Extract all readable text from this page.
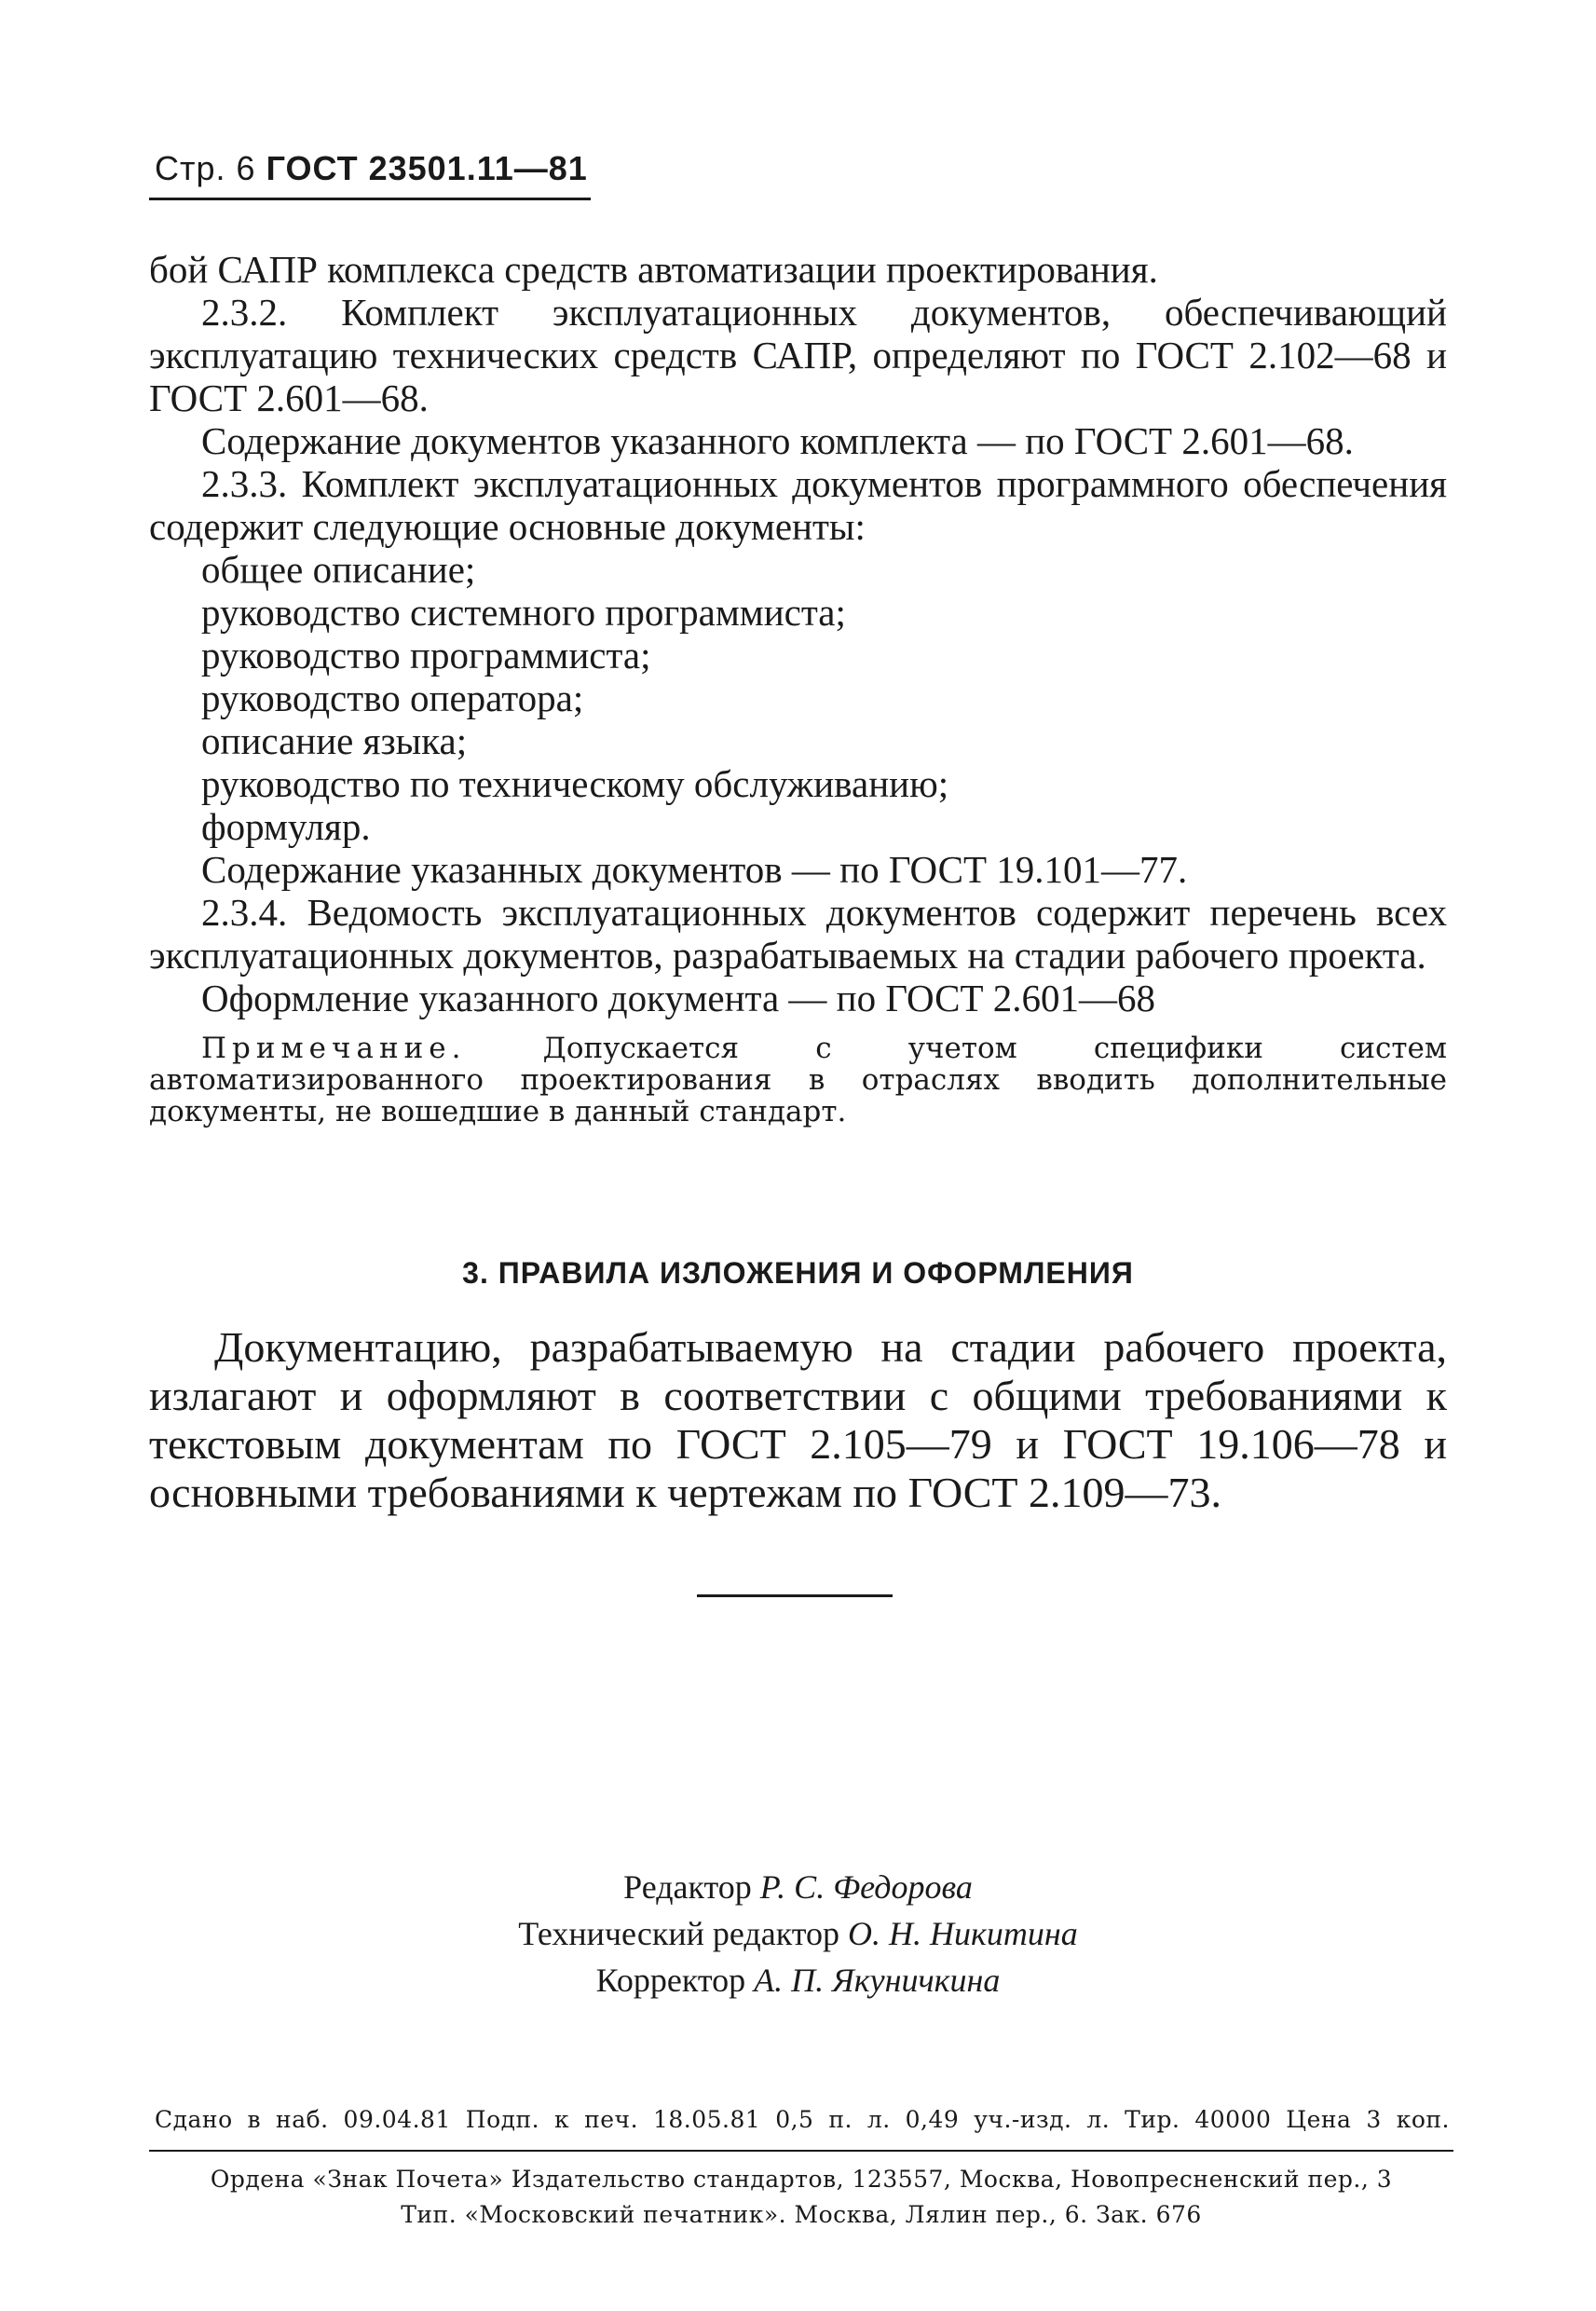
Стр. 6 ГОСТ 23501.11—81

бой САПР комплекса средств автоматизации проектирования.

2.3.2. Комплект эксплуатационных документов, обеспечивающий эксплуатацию технических средств САПР, определяют по ГОСТ 2.102—68 и ГОСТ 2.601—68.

Содержание документов указанного комплекта — по ГОСТ 2.601—68.

2.3.3. Комплект эксплуатационных документов программного обеспечения содержит следующие основные документы:

общее описание;

руководство системного программиста;

руководство программиста;

руководство оператора;

описание языка;

руководство по техническому обслуживанию;

формуляр.

Содержание указанных документов — по ГОСТ 19.101—77.

2.3.4. Ведомость эксплуатационных документов содержит перечень всех эксплуатационных документов, разрабатываемых на стадии рабочего проекта.

Оформление указанного документа — по ГОСТ 2.601—68

Примечание.	Допускается с учетом специфики систем автоматизированного проектирования в отраслях вводить дополнительные документы, не вошедшие в данный стандарт.

3. ПРАВИЛА ИЗЛОЖЕНИЯ И ОФОРМЛЕНИЯ

Документацию, разрабатываемую на стадии рабочего проекта, излагают и оформляют в соответствии с общими требованиями к текстовым документам по ГОСТ 2.105—79 и ГОСТ 19.106—78 и основными требованиями к чертежам по ГОСТ 2.109—73.

Редактор Р. С. Федорова
Технический редактор О. Н. Никитина
Корректор А. П. Якуничкина
Сдано в наб. 09.04.81 Подп. к печ. 18.05.81 0,5 п. л. 0,49 уч.-изд. л. Тир. 40000 Цена 3 коп.
Ордена «Знак Почета» Издательство стандартов, 123557, Москва, Новопресненский пер., 3
Тип. «Московский печатник». Москва, Лялин пер., 6. Зак. 676
